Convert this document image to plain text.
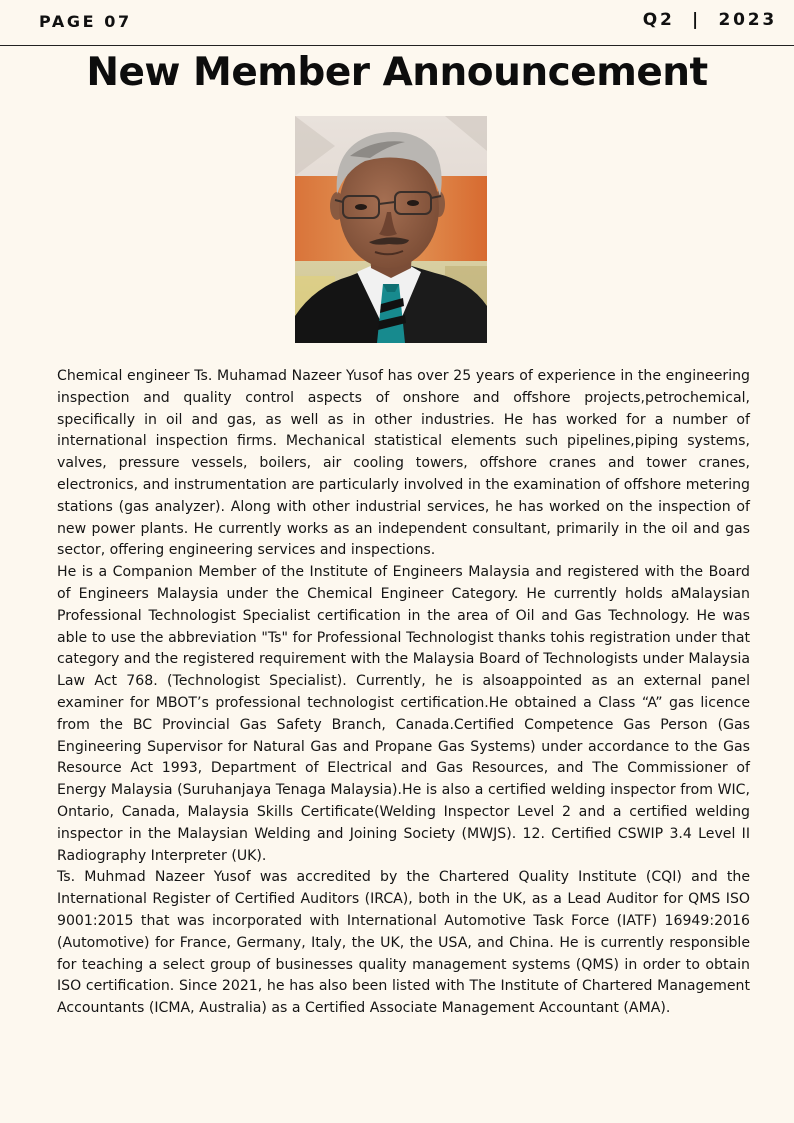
PAGE 07	Q2  |  2023
New Member Announcement

Chemical engineer Ts. Muhamad Nazeer Yusof has over 25 years of experience in the engineering inspection and quality control aspects of onshore and offshore projects,petrochemical, specifically in oil and gas, as well as in other industries. He has worked for a number of international inspection firms. Mechanical statistical elements such pipelines,piping systems, valves, pressure vessels, boilers, air cooling towers, offshore cranes and tower cranes, electronics, and instrumentation are particularly involved in the examination of offshore metering stations (gas analyzer). Along with other industrial services, he has worked on the inspection of new power plants. He currently works as an independent consultant, primarily in the oil and gas sector, offering engineering services and inspections.

He is a Companion Member of the Institute of Engineers Malaysia and registered with the Board of Engineers Malaysia under the Chemical Engineer Category. He currently holds aMalaysian Professional Technologist Specialist certification in the area of Oil and Gas Technology. He was able to use the abbreviation "Ts" for Professional Technologist thanks tohis registration under that category and the registered requirement with the Malaysia Board of Technologists under Malaysia Law Act 768. (Technologist Specialist). Currently, he is alsoappointed as an external panel examiner for MBOT’s professional technologist certification.He obtained a Class “A” gas licence from the BC Provincial Gas Safety Branch, Canada.Certified Competence Gas Person (Gas Engineering Supervisor for Natural Gas and Propane Gas Systems) under accordance to the Gas Resource Act 1993, Department of Electrical and Gas Resources, and The Commissioner of Energy Malaysia (Suruhanjaya Tenaga Malaysia).He is also a certified welding inspector from WIC, Ontario, Canada, Malaysia Skills Certificate(Welding Inspector Level 2 and a certified welding inspector in the Malaysian Welding and Joining Society (MWJS). 12. Certified CSWIP 3.4 Level II Radiography Interpreter (UK).

Ts. Muhmad Nazeer Yusof was accredited by the Chartered Quality Institute (CQI) and the International Register of Certified Auditors (IRCA), both in the UK, as a Lead Auditor for QMS ISO 9001:2015 that was incorporated with International Automotive Task Force (IATF) 16949:2016 (Automotive) for France, Germany, Italy, the UK, the USA, and China. He is currently responsible for teaching a select group of businesses quality management systems (QMS) in order to obtain ISO certification. Since 2021, he has also been listed with The Institute of Chartered Management Accountants (ICMA, Australia) as a Certified Associate Management Accountant (AMA).
